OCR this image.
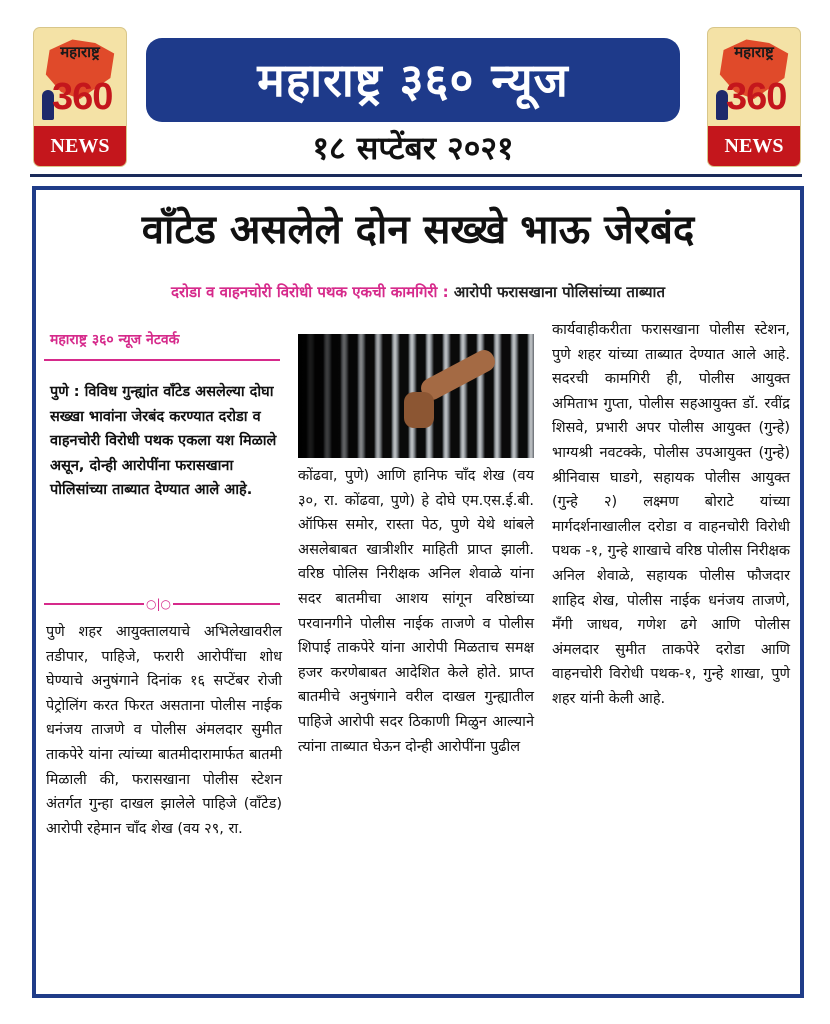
महाराष्ट्र
360
NEWS
महाराष्ट्र ३६० न्यूज
महाराष्ट्र
360
NEWS
१८ सप्टेंबर २०२१
वॉंटेड असलेले दोन सख्खे भाऊ जेरबंद
दरोडा व वाहनचोरी विरोधी पथक एकची कामगिरी : आरोपी फरासखाना पोलिसांच्या ताब्यात
महाराष्ट्र ३६० न्यूज नेटवर्क
पुणे : विविध गुन्ह्यांत वॉंटेड असलेल्या दोघा सख्खा भावांना जेरबंद करण्यात दरोडा व वाहनचोरी विरोधी पथक एकला यश मिळाले असून, दोन्ही आरोपींना फरासखाना पोलिसांच्या ताब्यात देण्यात आले आहे.
○|○
पुणे शहर आयुक्तालयाचे अभिलेखावरील तडीपार, पाहिजे, फरारी आरोपींचा शोध घेण्याचे अनुषंगाने दिनांक १६ सप्टेंबर रोजी पेट्रोलिंग करत फिरत असताना पोलीस नाईक धनंजय ताजणे व पोलीस अंमलदार सुमीत ताकपेरे यांना त्यांच्या बातमीदारामार्फत बातमी मिळाली की, फरासखाना पोलीस स्टेशन अंतर्गत गुन्हा दाखल झालेले पाहिजे (वॉंटेड) आरोपी रहेमान चॉंद शेख (वय २९, रा.
कोंढवा, पुणे) आणि हानिफ चॉंद शेख (वय ३०, रा. कोंढवा, पुणे) हे दोघे एम.एस.ई.बी. ऑफिस समोर, रास्ता पेठ, पुणे येथे थांबले असलेबाबत खात्रीशीर माहिती प्राप्त झाली. वरिष्ठ पोलिस निरीक्षक अनिल शेवाळे यांना सदर बातमीचा आशय सांगून वरिष्ठांच्या परवानगीने पोलीस नाईक ताजणे व पोलीस शिपाई ताकपेरे यांना आरोपी मिळताच समक्ष हजर करणेबाबत आदेशित केले होते. प्राप्त बातमीचे अनुषंगाने वरील दाखल गुन्ह्यातील पाहिजे आरोपी सदर ठिकाणी मिळुन आल्याने त्यांना ताब्यात घेऊन दोन्ही आरोपींना पुढील
कार्यवाहीकरीता फरासखाना पोलीस स्टेशन, पुणे शहर यांच्या ताब्यात देण्यात आले आहे. सदरची कामगिरी ही, पोलीस आयुक्त अमिताभ गुप्ता, पोलीस सहआयुक्त डॉ. रवींद्र शिसवे, प्रभारी अपर पोलीस आयुक्त (गुन्हे) भाग्यश्री नवटक्के, पोलीस उपआयुक्त (गुन्हे) श्रीनिवास घाडगे, सहायक पोलीस आयुक्त (गुन्हे २) लक्ष्मण बोराटे यांच्या मार्गदर्शनाखालील दरोडा व वाहनचोरी विरोधी पथक -१, गुन्हे शाखाचे वरिष्ठ पोलीस निरीक्षक अनिल शेवाळे, सहायक पोलीस फौजदार शाहिद शेख, पोलीस नाईक धनंजय ताजणे, मॅंगी जाधव, गणेश ढगे आणि पोलीस अंमलदार सुमीत ताकपेरे दरोडा आणि वाहनचोरी विरोधी पथक-१, गुन्हे शाखा, पुणे शहर यांनी केली आहे.
